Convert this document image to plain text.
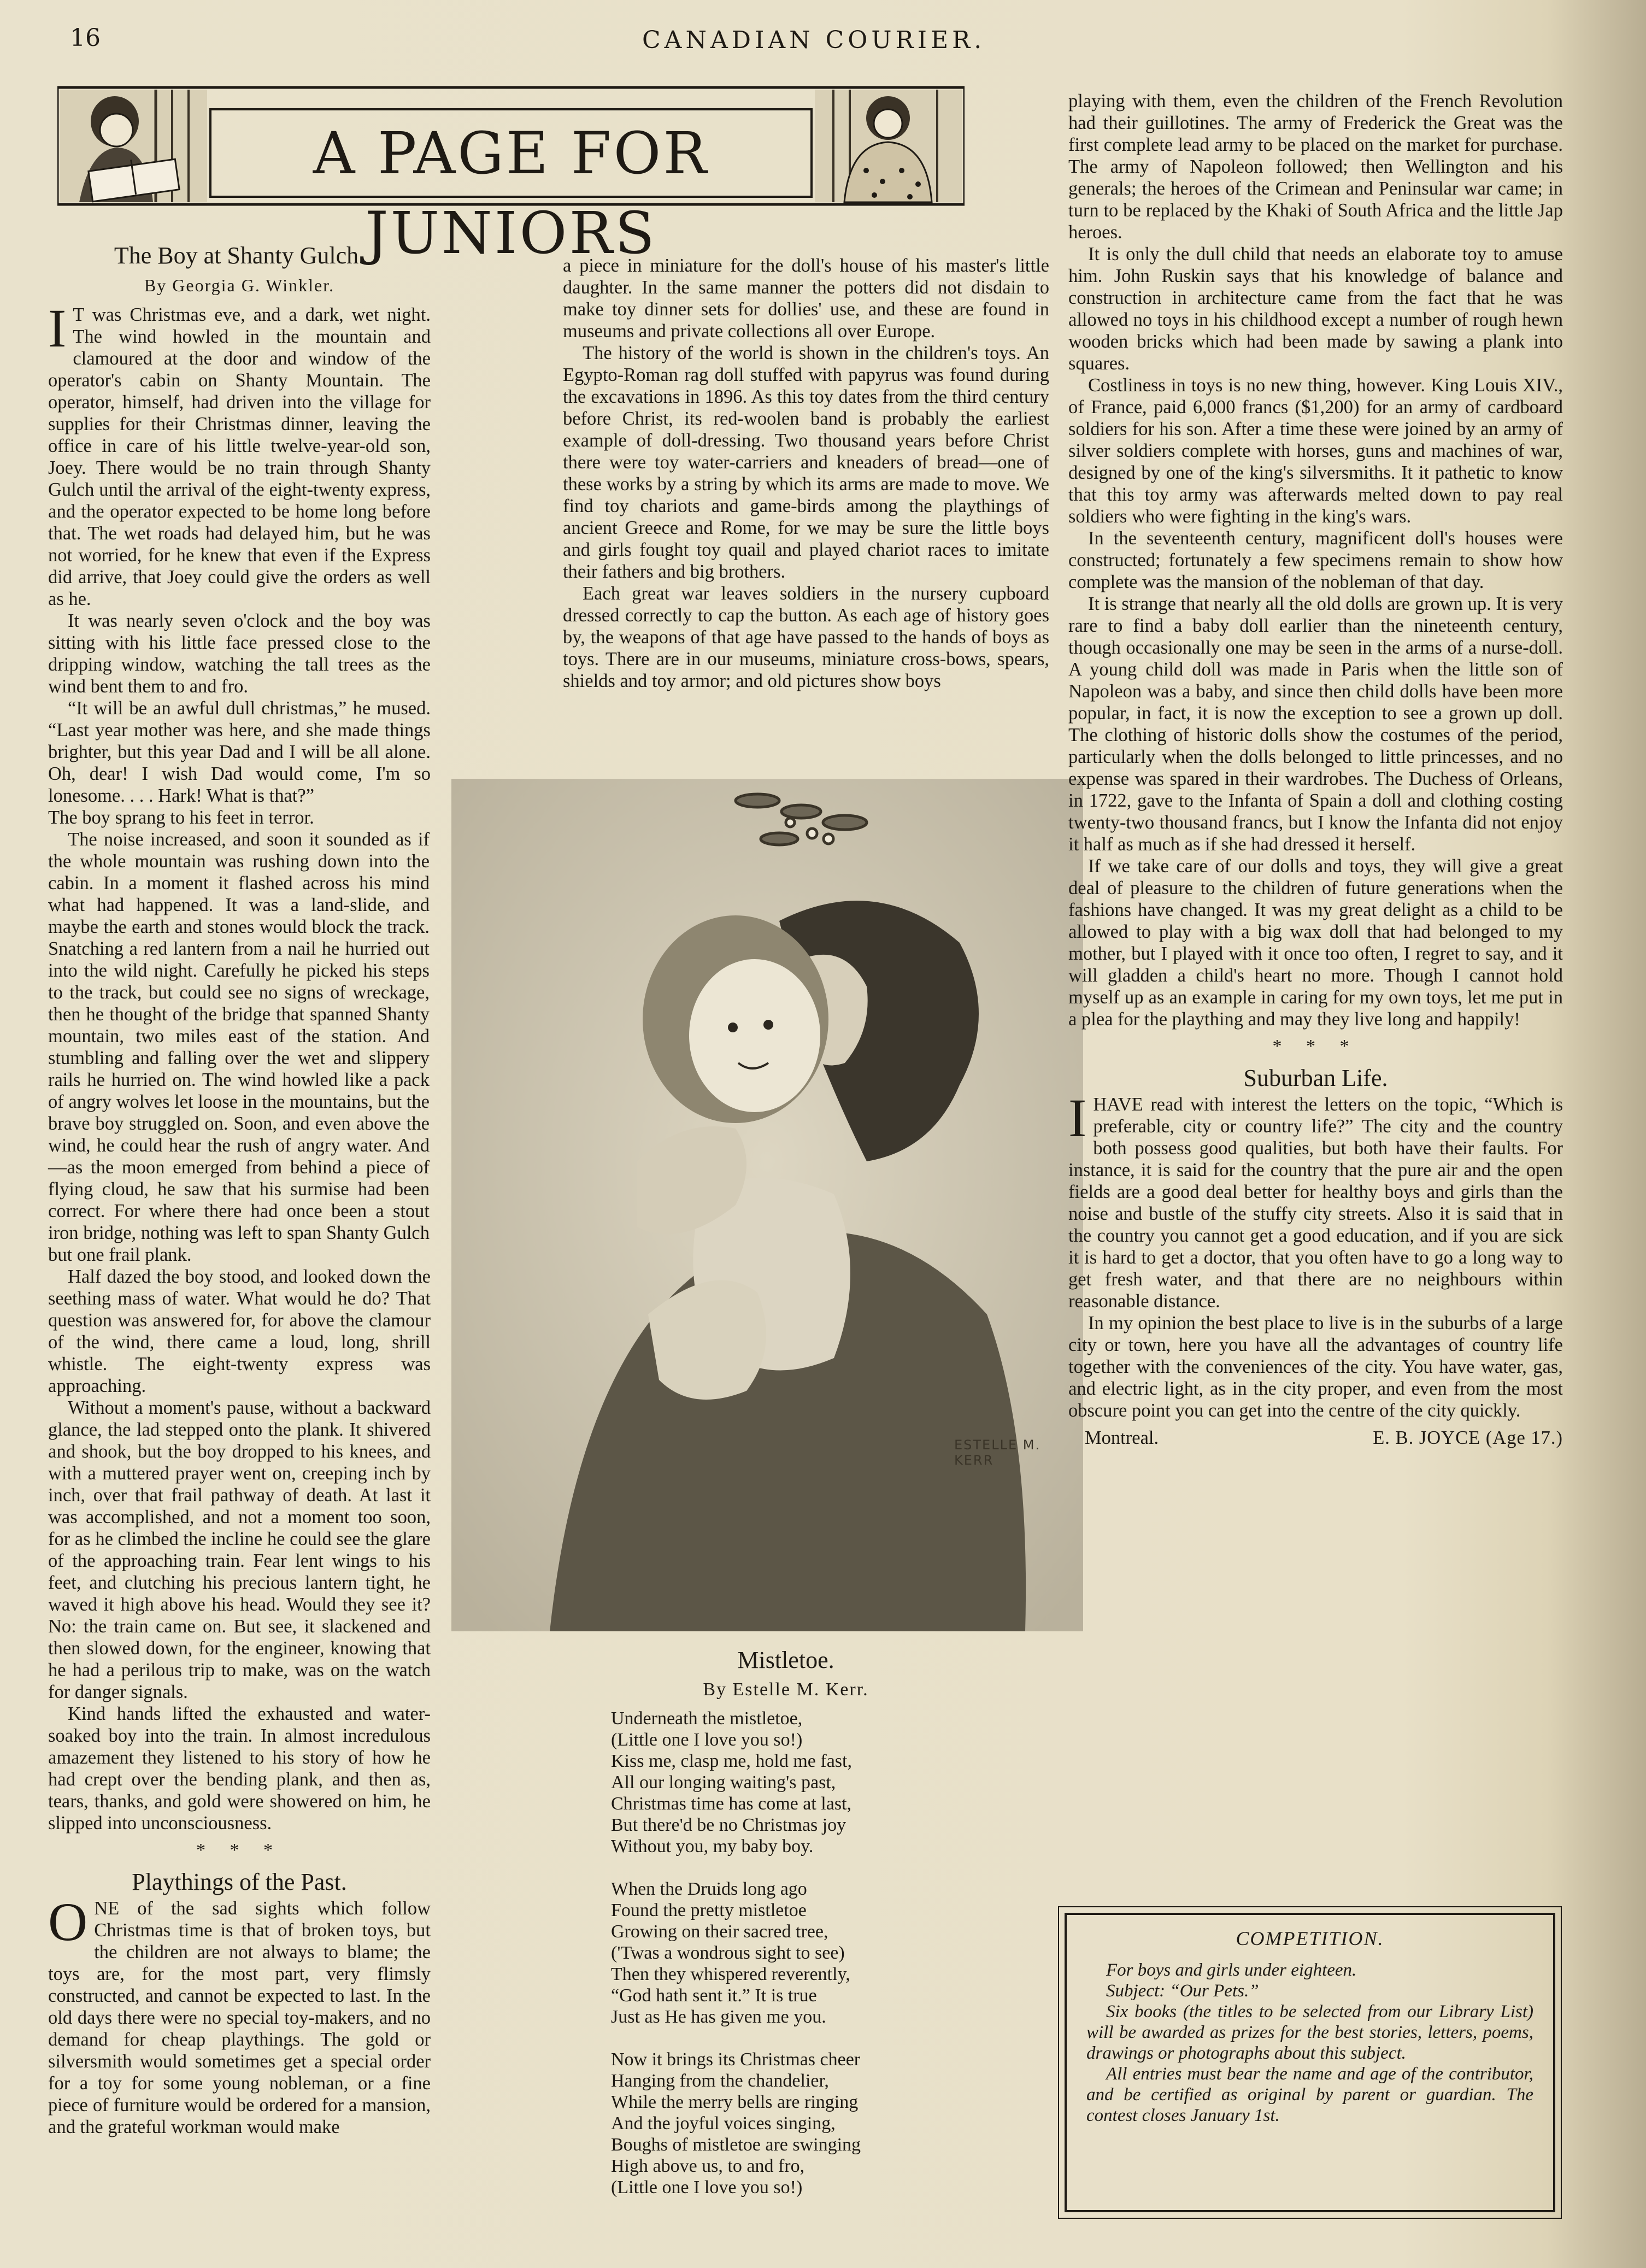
16	CANADIAN COURIER.
A PAGE FOR JUNIORS
The Boy at Shanty Gulch.
By Georgia G. Winkler.

I T was Christmas eve, and a dark, wet night. The wind howled in the mountain and clamoured at the door and window of the operator's cabin on Shanty Mountain. The operator, himself, had driven into the village for supplies for their Christmas dinner, leaving the office in care of his little twelve-year-old son, Joey. There would be no train through Shanty Gulch until the arrival of the eight-twenty express, and the operator expected to be home long before that. The wet roads had delayed him, but he was not worried, for he knew that even if the Express did arrive, that Joey could give the orders as well as he.

It was nearly seven o'clock and the boy was sitting with his little face pressed close to the dripping window, watching the tall trees as the wind bent them to and fro.

“It will be an awful dull christmas,” he mused. “Last year mother was here, and she made things brighter, but this year Dad and I will be all alone. Oh, dear! I wish Dad would come, I'm so lonesome. . . . Hark! What is that?”

The boy sprang to his feet in terror.

The noise increased, and soon it sounded as if the whole mountain was rushing down into the cabin. In a moment it flashed across his mind what had happened. It was a land-slide, and maybe the earth and stones would block the track. Snatching a red lantern from a nail he hurried out into the wild night. Carefully he picked his steps to the track, but could see no signs of wreckage, then he thought of the bridge that spanned Shanty mountain, two miles east of the station. And stumbling and falling over the wet and slippery rails he hurried on. The wind howled like a pack of angry wolves let loose in the mountains, but the brave boy struggled on. Soon, and even above the wind, he could hear the rush of angry water. And—as the moon emerged from behind a piece of flying cloud, he saw that his surmise had been correct. For where there had once been a stout iron bridge, nothing was left to span Shanty Gulch but one frail plank.

Half dazed the boy stood, and looked down the seething mass of water. What would he do? That question was answered for, for above the clamour of the wind, there came a loud, long, shrill whistle. The eight-twenty express was approaching.

Without a moment's pause, without a backward glance, the lad stepped onto the plank. It shivered and shook, but the boy dropped to his knees, and with a muttered prayer went on, creeping inch by inch, over that frail pathway of death. At last it was accomplished, and not a moment too soon, for as he climbed the incline he could see the glare of the approaching train. Fear lent wings to his feet, and clutching his precious lantern tight, he waved it high above his head. Would they see it? No: the train came on. But see, it slackened and then slowed down, for the engineer, knowing that he had a perilous trip to make, was on the watch for danger signals.

Kind hands lifted the exhausted and water-soaked boy into the train. In almost incredulous amazement they listened to his story of how he had crept over the bending plank, and then as, tears, thanks, and gold were showered on him, he slipped into unconsciousness.

* * *
Playthings of the Past.

ONE of the sad sights which follow Christmas time is that of broken toys, but the children are not always to blame; the toys are, for the most part, very flimsly constructed, and cannot be expected to last. In the old days there were no special toy-makers, and no demand for cheap playthings. The gold or silversmith would sometimes get a special order for a toy for some young nobleman, or a fine piece of furniture would be ordered for a mansion, and the grateful workman would make

a piece in miniature for the doll's house of his master's little daughter. In the same manner the potters did not disdain to make toy dinner sets for dollies' use, and these are found in museums and private collections all over Europe.

The history of the world is shown in the children's toys. An Egypto-Roman rag doll stuffed with papyrus was found during the excavations in 1896. As this toy dates from the third century before Christ, its red-woolen band is probably the earliest example of doll-dressing. Two thousand years before Christ there were toy water-carriers and kneaders of bread—one of these works by a string by which its arms are made to move. We find toy chariots and game-birds among the playthings of ancient Greece and Rome, for we may be sure the little boys and girls fought toy quail and played chariot races to imitate their fathers and big brothers.

Each great war leaves soldiers in the nursery cupboard dressed correctly to cap the button. As each age of history goes by, the weapons of that age have passed to the hands of boys as toys. There are in our museums, miniature cross-bows, spears, shields and toy armor; and old pictures show boys

ESTELLE M. KERR

playing with them, even the children of the French Revolution had their guillotines. The army of Frederick the Great was the first complete lead army to be placed on the market for purchase. The army of Napoleon followed; then Wellington and his generals; the heroes of the Crimean and Peninsular war came; in turn to be replaced by the Khaki of South Africa and the little Jap heroes.

It is only the dull child that needs an elaborate toy to amuse him. John Ruskin says that his knowledge of balance and construction in architecture came from the fact that he was allowed no toys in his childhood except a number of rough hewn wooden bricks which had been made by sawing a plank into squares.

Costliness in toys is no new thing, however. King Louis XIV., of France, paid 6,000 francs ($1,200) for an army of cardboard soldiers for his son. After a time these were joined by an army of silver soldiers complete with horses, guns and machines of war, designed by one of the king's silversmiths. It it pathetic to know that this toy army was afterwards melted down to pay real soldiers who were fighting in the king's wars.

In the seventeenth century, magnificent doll's houses were constructed; fortunately a few specimens remain to show how complete was the mansion of the nobleman of that day.

It is strange that nearly all the old dolls are grown up. It is very rare to find a baby doll earlier than the nineteenth century, though occasionally one may be seen in the arms of a nurse-doll. A young child doll was made in Paris when the little son of Napoleon was a baby, and since then child dolls have been more popular, in fact, it is now the exception to see a grown up doll. The clothing of historic dolls show the costumes of the period, particularly when the dolls belonged to little princesses, and no expense was spared in their wardrobes. The Duchess of Orleans, in 1722, gave to the Infanta of Spain a doll and clothing costing twenty-two thousand francs, but I know the Infanta did not enjoy it half as much as if she had dressed it herself.

If we take care of our dolls and toys, they will give a great deal of pleasure to the children of future generations when the fashions have changed. It was my great delight as a child to be allowed to play with a big wax doll that had belonged to my mother, but I played with it once too often, I regret to say, and it will gladden a child's heart no more. Though I cannot hold myself up as an example in caring for my own toys, let me put in a plea for the plaything and may they live long and happily!

* * *
Suburban Life.

IHAVE read with interest the letters on the topic, “Which is preferable, city or country life?” The city and the country both possess good qualities, but both have their faults. For instance, it is said for the country that the pure air and the open fields are a good deal better for healthy boys and girls than the noise and bustle of the stuffy city streets. Also it is said that in the country you cannot get a good education, and if you are sick it is hard to get a doctor, that you often have to go a long way to get fresh water, and that there are no neighbours within reasonable distance.

In my opinion the best place to live is in the suburbs of a large city or town, here you have all the advantages of country life together with the conveniences of the city. You have water, gas, and electric light, as in the city proper, and even from the most obscure point you can get into the centre of the city quickly.

Montreal.	E. B. JOYCE (Age 17.)
Mistletoe.
By Estelle M. Kerr.
Underneath the mistletoe,
(Little one I love you so!)
Kiss me, clasp me, hold me fast,
All our longing waiting's past,
Christmas time has come at last,
But there'd be no Christmas joy
Without you, my baby boy.
When the Druids long ago
Found the pretty mistletoe
Growing on their sacred tree,
('Twas a wondrous sight to see)
Then they whispered reverently,
“God hath sent it.” It is true
Just as He has given me you.
Now it brings its Christmas cheer
Hanging from the chandelier,
While the merry bells are ringing
And the joyful voices singing,
Boughs of mistletoe are swinging
High above us, to and fro,
(Little one I love you so!)
COMPETITION.
For boys and girls under eighteen.
Subject: “Our Pets.”
Six books (the titles to be selected from our Library List) will be awarded as prizes for the best stories, letters, poems, drawings or photographs about this subject.
All entries must bear the name and age of the contributor, and be certified as original by parent or guardian. The contest closes January 1st.
